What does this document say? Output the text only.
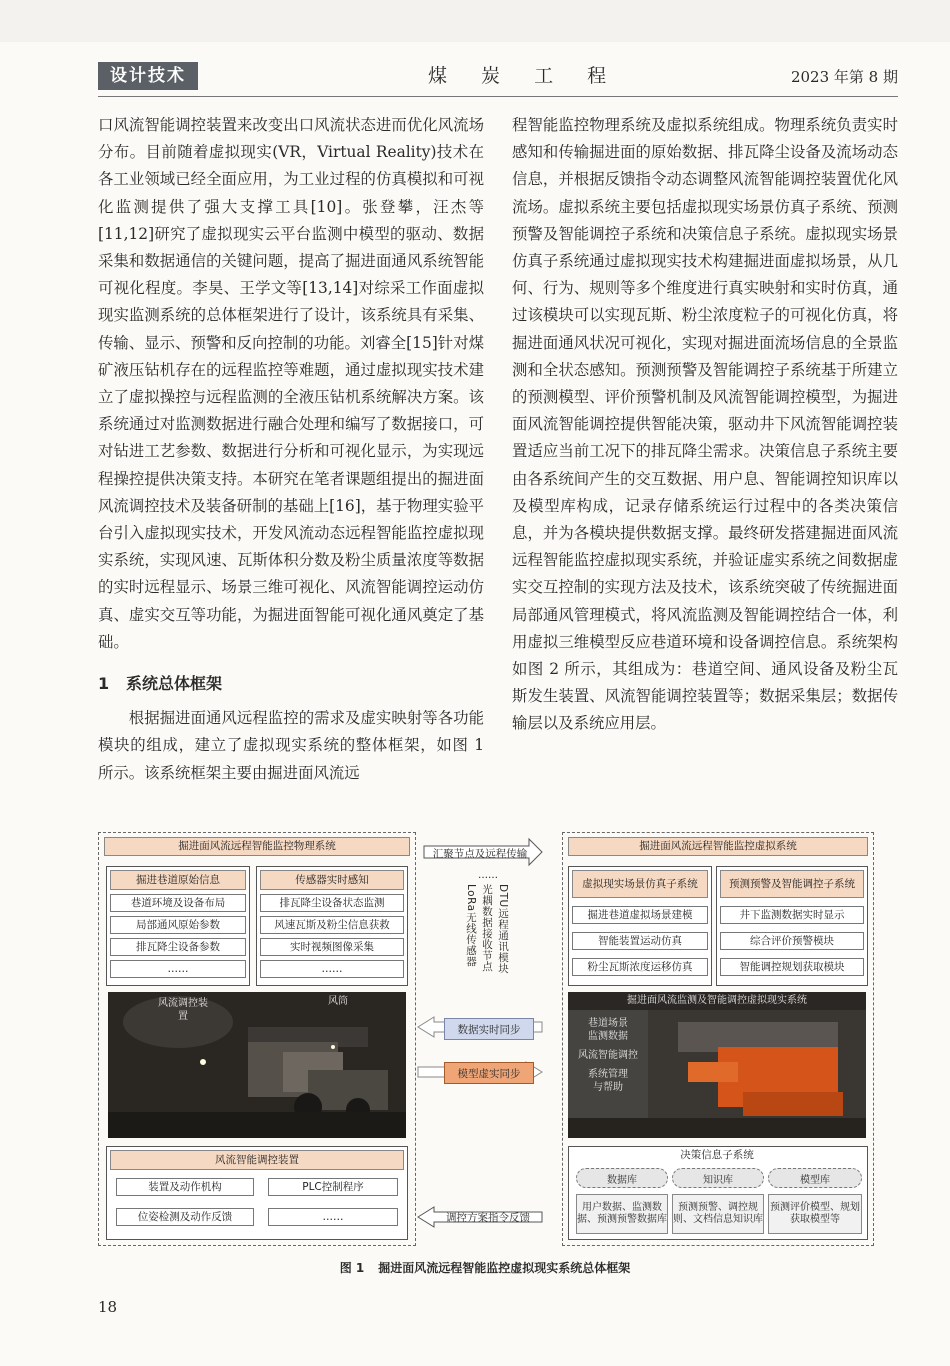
设计技术	煤 炭 工 程	2023 年第 8 期

口风流智能调控装置来改变出口风流状态进而优化风流场分布。目前随着虚拟现实(VR，Virtual Reality)技术在各工业领域已经全面应用，为工业过程的仿真模拟和可视化监测提供了强大支撑工具[10]。张登攀，汪杰等[11,12]研究了虚拟现实云平台监测中模型的驱动、数据采集和数据通信的关键问题，提高了掘进面通风系统智能可视化程度。李昊、王学文等[13,14]对综采工作面虚拟现实监测系统的总体框架进行了设计，该系统具有采集、传输、显示、预警和反向控制的功能。刘睿全[15]针对煤矿液压钻机存在的远程监控等难题，通过虚拟现实技术建立了虚拟操控与远程监测的全液压钻机系统解决方案。该系统通过对监测数据进行融合处理和编写了数据接口，可对钻进工艺参数、数据进行分析和可视化显示，为实现远程操控提供决策支持。本研究在笔者课题组提出的掘进面风流调控技术及装备研制的基础上[16]，基于物理实验平台引入虚拟现实技术，开发风流动态远程智能监控虚拟现实系统，实现风速、瓦斯体积分数及粉尘质量浓度等数据的实时远程显示、场景三维可视化、风流智能调控运动仿真、虚实交互等功能，为掘进面智能可视化通风奠定了基础。

1 系统总体框架

根据掘进面通风远程监控的需求及虚实映射等各功能模块的组成，建立了虚拟现实系统的整体框架，如图 1 所示。该系统框架主要由掘进面风流远

程智能监控物理系统及虚拟系统组成。物理系统负责实时感知和传输掘进面的原始数据、排瓦降尘设备及流场动态信息，并根据反馈指令动态调整风流智能调控装置优化风流场。虚拟系统主要包括虚拟现实场景仿真子系统、预测预警及智能调控子系统和决策信息子系统。虚拟现实场景仿真子系统通过虚拟现实技术构建掘进面虚拟场景，从几何、行为、规则等多个维度进行真实映射和实时仿真，通过该模块可以实现瓦斯、粉尘浓度粒子的可视化仿真，将掘进面通风状况可视化，实现对掘进面流场信息的全景监测和全状态感知。预测预警及智能调控子系统基于所建立的预测模型、评价预警机制及风流智能调控模型，为掘进面风流智能调控提供智能决策，驱动井下风流智能调控装置适应当前工况下的排瓦降尘需求。决策信息子系统主要由各系统间产生的交互数据、用户息、智能调控知识库以及模型库构成，记录存储系统运行过程中的各类决策信息，并为各模块提供数据支撑。最终研发搭建掘进面风流远程智能监控虚拟现实系统，并验证虚实系统之间数据虚实交互控制的实现方法及技术，该系统突破了传统掘进面局部通风管理模式，将风流监测及智能调控结合一体，利用虚拟三维模型反应巷道环境和设备调控信息。系统架构如图 2 所示，其组成为：巷道空间、通风设备及粉尘瓦斯发生装置、风流智能调控装置等；数据采集层；数据传输层以及系统应用层。

掘进面风流远程智能监控物理系统
掘进巷道原始信息
巷道环境及设备布局
局部通风原始参数
排瓦降尘设备参数
……
传感器实时感知
排瓦降尘设备状态监测
风速瓦斯及粉尘信息获救
实时视频图像采集
……
风流调控装置
风筒
风流智能调控装置
装置及动作机构	PLC控制程序
位姿检测及动作反馈	……
汇聚节点及远程传输
……
DTU远程通讯模块
光耦数据接收节点
LoRa无线传感器
数据实时同步
模型虚实同步
调控方案指令反馈
掘进面风流远程智能监控虚拟系统
虚拟现实场景仿真子系统
掘进巷道虚拟场景建模
智能装置运动仿真
粉尘瓦斯浓度运移仿真
预测预警及智能调控子系统
井下监测数据实时显示
综合评价预警模块
智能调控规划获取模块
掘进面风流监测及智能调控虚拟现实系统
巷道场景
监测数据
风流智能调控
系统管理
与帮助
决策信息子系统
数据库	知识库	模型库
用户数据、监测数据、预测预警数据库
预测预警、调控规则、文档信息知识库
预测评价模型、规划获取模型等
图 1 掘进面风流远程智能监控虚拟现实系统总体框架
18
